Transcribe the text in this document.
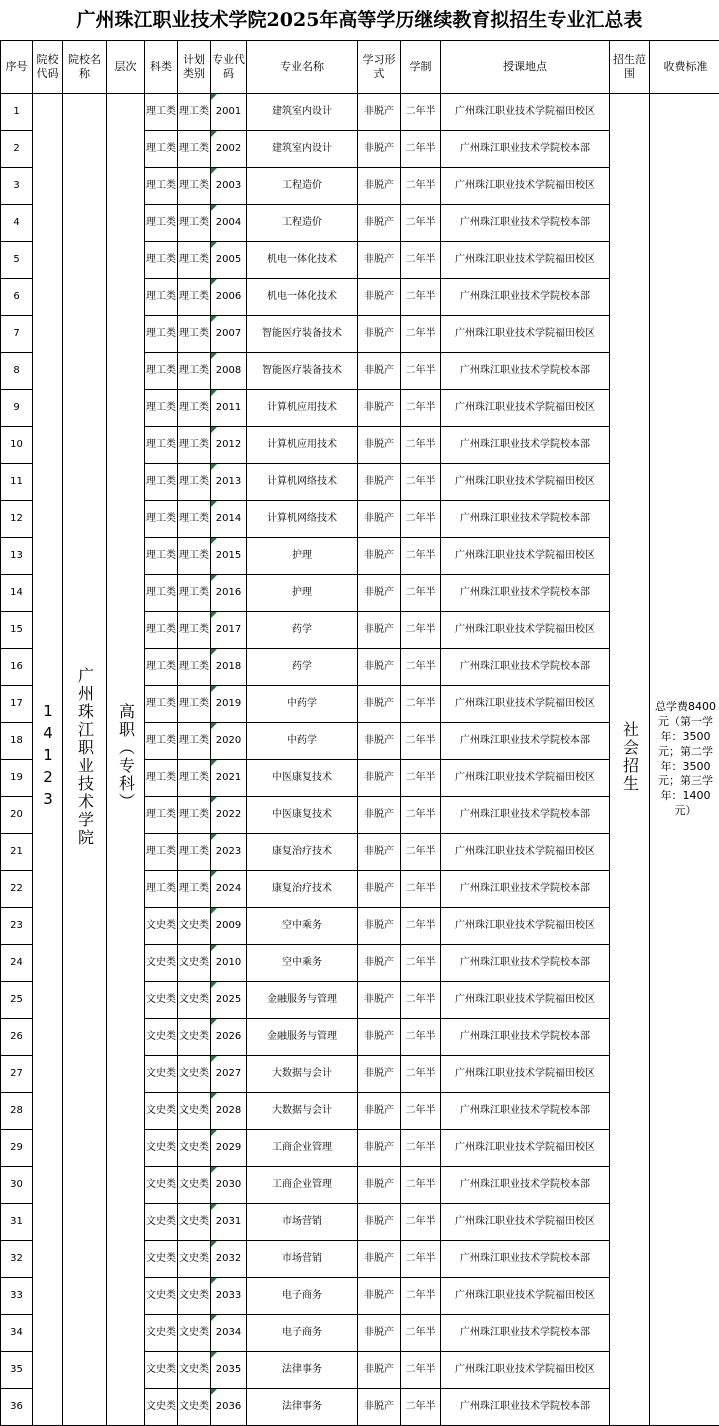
广州珠江职业技术学院2025年高等学历继续教育拟招生专业汇总表
序号	院校代码	院校名称	层次	科类	计划类别	专业代码	专业名称	学习形式	学制	授课地点	招生范围	收费标准
1	14123	广州珠江职业技术学院	高职（专科）	理工类	理工类	2001	建筑室内设计	非脱产	二年半	广州珠江职业技术学院福田校区	社会招生	总学费8400元（第一学年：3500元；第二学年：3500元；第三学年：1400元）

2				理工类	理工类	2002	建筑室内设计	非脱产	二年半	广州珠江职业技术学院校本部		
3				理工类	理工类	2003	工程造价	非脱产	二年半	广州珠江职业技术学院福田校区		
4				理工类	理工类	2004	工程造价	非脱产	二年半	广州珠江职业技术学院校本部		
5				理工类	理工类	2005	机电一体化技术	非脱产	二年半	广州珠江职业技术学院福田校区		
6				理工类	理工类	2006	机电一体化技术	非脱产	二年半	广州珠江职业技术学院校本部		
7				理工类	理工类	2007	智能医疗装备技术	非脱产	二年半	广州珠江职业技术学院福田校区		
8				理工类	理工类	2008	智能医疗装备技术	非脱产	二年半	广州珠江职业技术学院校本部		
9				理工类	理工类	2011	计算机应用技术	非脱产	二年半	广州珠江职业技术学院福田校区		
10				理工类	理工类	2012	计算机应用技术	非脱产	二年半	广州珠江职业技术学院校本部		
11				理工类	理工类	2013	计算机网络技术	非脱产	二年半	广州珠江职业技术学院福田校区		
12				理工类	理工类	2014	计算机网络技术	非脱产	二年半	广州珠江职业技术学院校本部		
13				理工类	理工类	2015	护理	非脱产	二年半	广州珠江职业技术学院福田校区		
14				理工类	理工类	2016	护理	非脱产	二年半	广州珠江职业技术学院校本部		
15				理工类	理工类	2017	药学	非脱产	二年半	广州珠江职业技术学院福田校区		
16				理工类	理工类	2018	药学	非脱产	二年半	广州珠江职业技术学院校本部		
17				理工类	理工类	2019	中药学	非脱产	二年半	广州珠江职业技术学院福田校区		
18				理工类	理工类	2020	中药学	非脱产	二年半	广州珠江职业技术学院校本部		
19				理工类	理工类	2021	中医康复技术	非脱产	二年半	广州珠江职业技术学院福田校区		
20				理工类	理工类	2022	中医康复技术	非脱产	二年半	广州珠江职业技术学院校本部		
21				理工类	理工类	2023	康复治疗技术	非脱产	二年半	广州珠江职业技术学院福田校区		
22				理工类	理工类	2024	康复治疗技术	非脱产	二年半	广州珠江职业技术学院校本部		
23				文史类	文史类	2009	空中乘务	非脱产	二年半	广州珠江职业技术学院福田校区		
24				文史类	文史类	2010	空中乘务	非脱产	二年半	广州珠江职业技术学院校本部		
25				文史类	文史类	2025	金融服务与管理	非脱产	二年半	广州珠江职业技术学院福田校区		
26				文史类	文史类	2026	金融服务与管理	非脱产	二年半	广州珠江职业技术学院校本部		
27				文史类	文史类	2027	大数据与会计	非脱产	二年半	广州珠江职业技术学院福田校区		
28				文史类	文史类	2028	大数据与会计	非脱产	二年半	广州珠江职业技术学院校本部		
29				文史类	文史类	2029	工商企业管理	非脱产	二年半	广州珠江职业技术学院福田校区		
30				文史类	文史类	2030	工商企业管理	非脱产	二年半	广州珠江职业技术学院校本部		
31				文史类	文史类	2031	市场营销	非脱产	二年半	广州珠江职业技术学院福田校区		
32				文史类	文史类	2032	市场营销	非脱产	二年半	广州珠江职业技术学院校本部		
33				文史类	文史类	2033	电子商务	非脱产	二年半	广州珠江职业技术学院福田校区		
34				文史类	文史类	2034	电子商务	非脱产	二年半	广州珠江职业技术学院校本部		
35				文史类	文史类	2035	法律事务	非脱产	二年半	广州珠江职业技术学院福田校区		
36				文史类	文史类	2036	法律事务	非脱产	二年半	广州珠江职业技术学院校本部		
